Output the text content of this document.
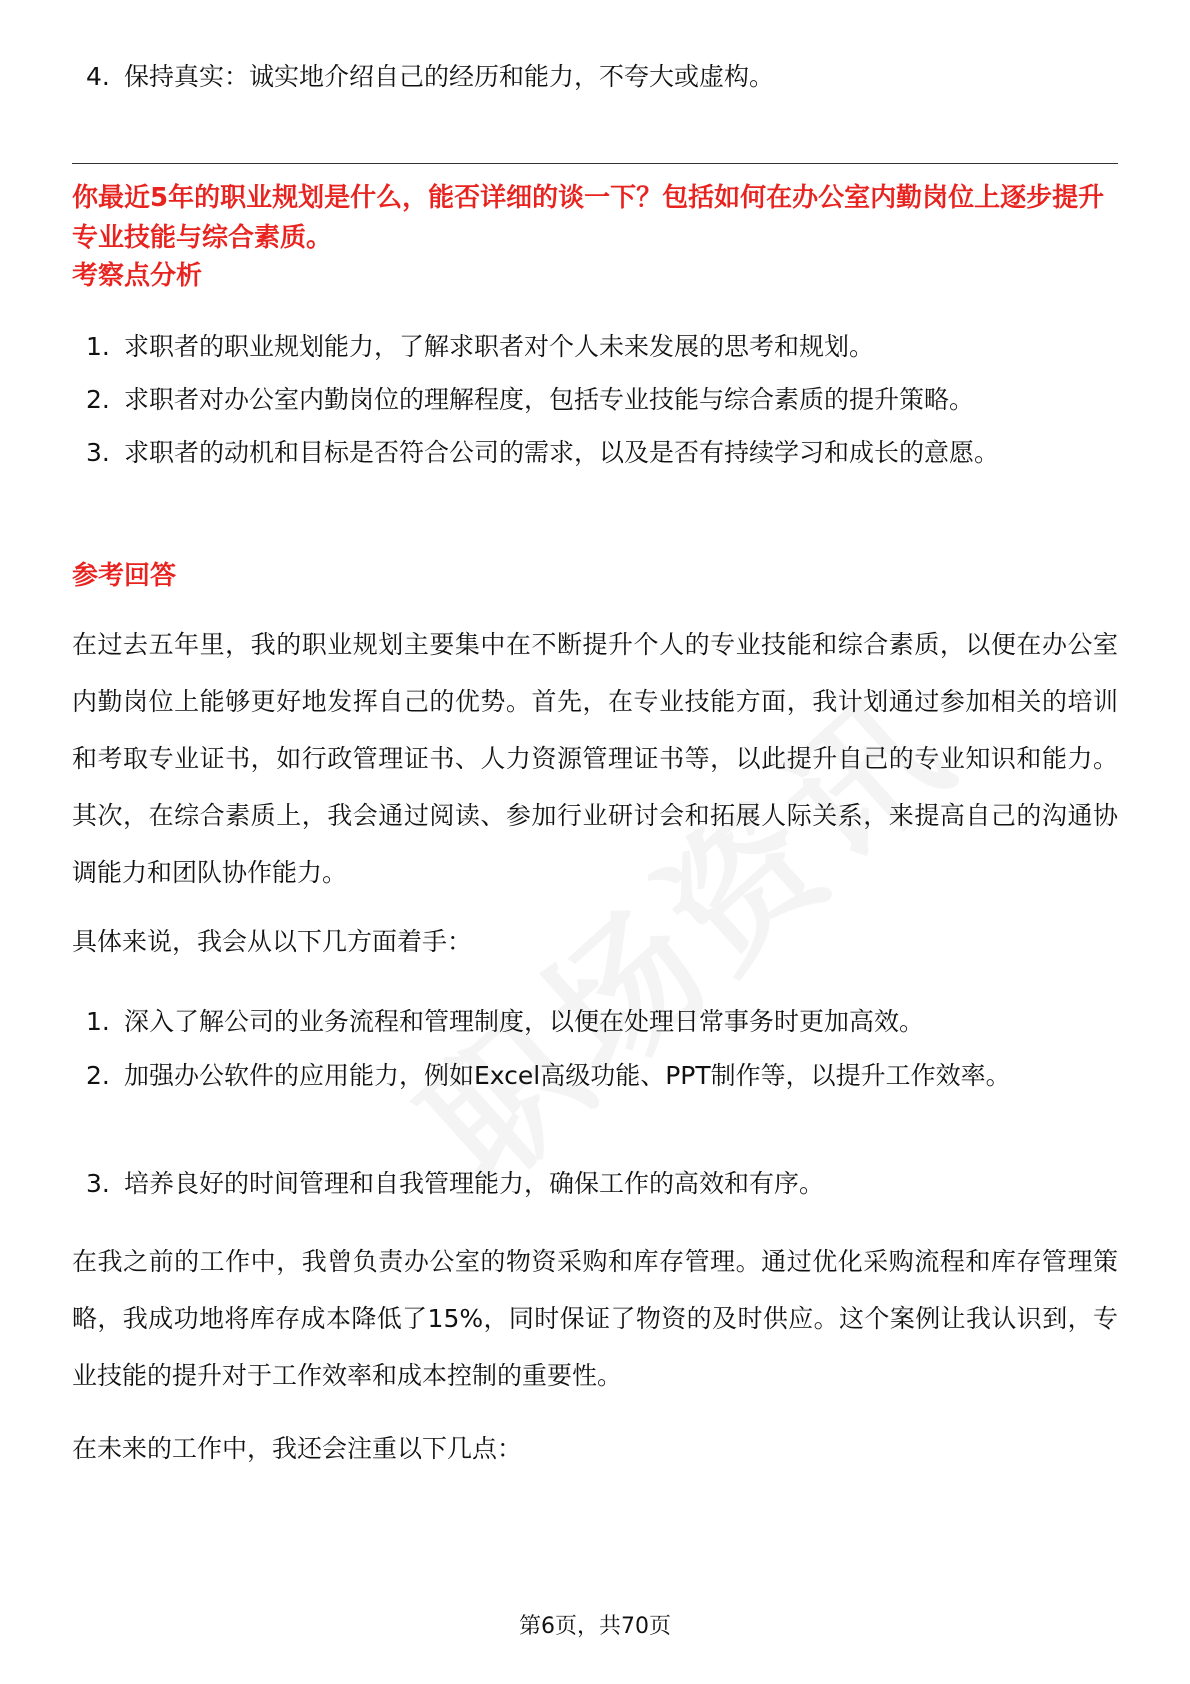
4. 保持真实：诚实地介绍自己的经历和能力，不夸大或虚构。
你最近5年的职业规划是什么，能否详细的谈一下？包括如何在办公室内勤岗位上逐步提升专业技能与综合素质。
考察点分析
1. 求职者的职业规划能力，了解求职者对个人未来发展的思考和规划。
2. 求职者对办公室内勤岗位的理解程度，包括专业技能与综合素质的提升策略。
3. 求职者的动机和目标是否符合公司的需求，以及是否有持续学习和成长的意愿。
参考回答
在过去五年里，我的职业规划主要集中在不断提升个人的专业技能和综合素质，以便在办公室内勤岗位上能够更好地发挥自己的优势。首先，在专业技能方面，我计划通过参加相关的培训和考取专业证书，如行政管理证书、人力资源管理证书等，以此提升自己的专业知识和能力。其次，在综合素质上，我会通过阅读、参加行业研讨会和拓展人际关系，来提高自己的沟通协调能力和团队协作能力。
具体来说，我会从以下几方面着手：
1. 深入了解公司的业务流程和管理制度，以便在处理日常事务时更加高效。
2. 加强办公软件的应用能力，例如Excel高级功能、PPT制作等，以提升工作效率。
3. 培养良好的时间管理和自我管理能力，确保工作的高效和有序。
在我之前的工作中，我曾负责办公室的物资采购和库存管理。通过优化采购流程和库存管理策略，我成功地将库存成本降低了15%，同时保证了物资的及时供应。这个案例让我认识到，专业技能的提升对于工作效率和成本控制的重要性。
在未来的工作中，我还会注重以下几点：
第6页，共70页
